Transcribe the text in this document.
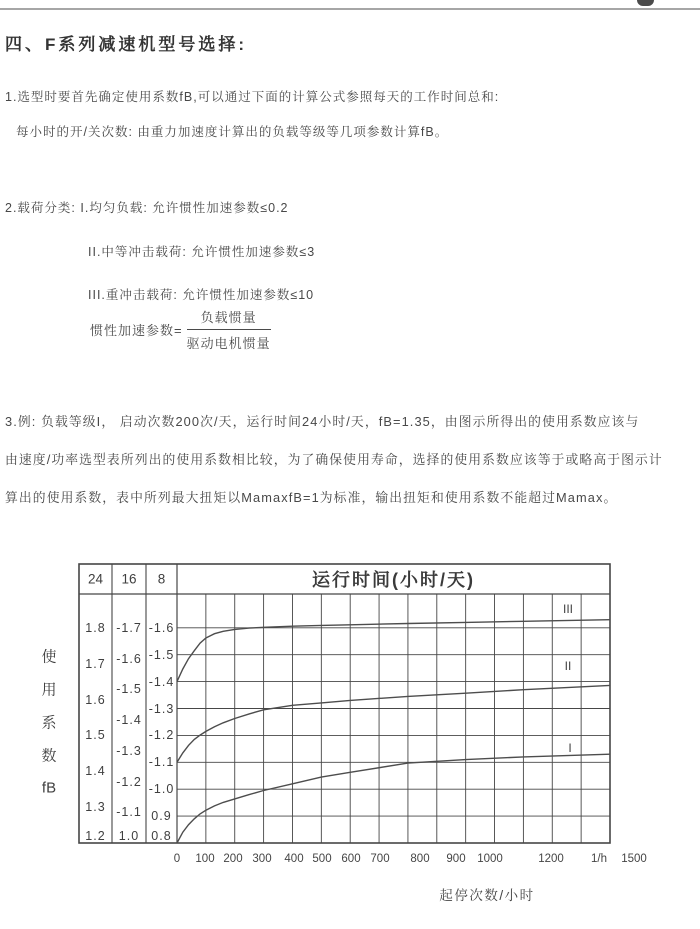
四、F系列减速机型号选择:
1.选型时要首先确定使用系数fB,可以通过下面的计算公式参照每天的工作时间总和:
每小时的开/关次数: 由重力加速度计算出的负载等级等几项参数计算fB。
2.载荷分类: I.均匀负载: 允许惯性加速参数≤0.2
II.中等冲击载荷: 允许惯性加速参数≤3
III.重冲击载荷: 允许惯性加速参数≤10
惯性加速参数= $\frac{\text{负载惯量}}{\text{驱动电机惯量}}$
3.例: 负载等级I， 启动次数200次/天，运行时间24小时/天，fB=1.35，由图示所得出的使用系数应该与
由速度/功率选型表所列出的使用系数相比较，为了确保使用寿命，选择的使用系数应该等于或略高于图示计
算出的使用系数，表中所列最大扭矩以MamaxfB=1为标准，输出扭矩和使用系数不能超过Mamax。
起停次数/小时
24 16 8	运行时间(小时/天)
1.8
1.7
1.6
1.5
1.4
1.3
1.2
-1.7
-1.6
-1.5
-1.4
-1.3
-1.2
-1.1
1.0
-1.6
-1.5
-1.4
-1.3
-1.2
-1.1
-1.0
0.9
0.8
III
II
I
0 100 200 300 400 500 600 700 800 900 1000	1200 1/h 1500
使
用
系
数
fB
